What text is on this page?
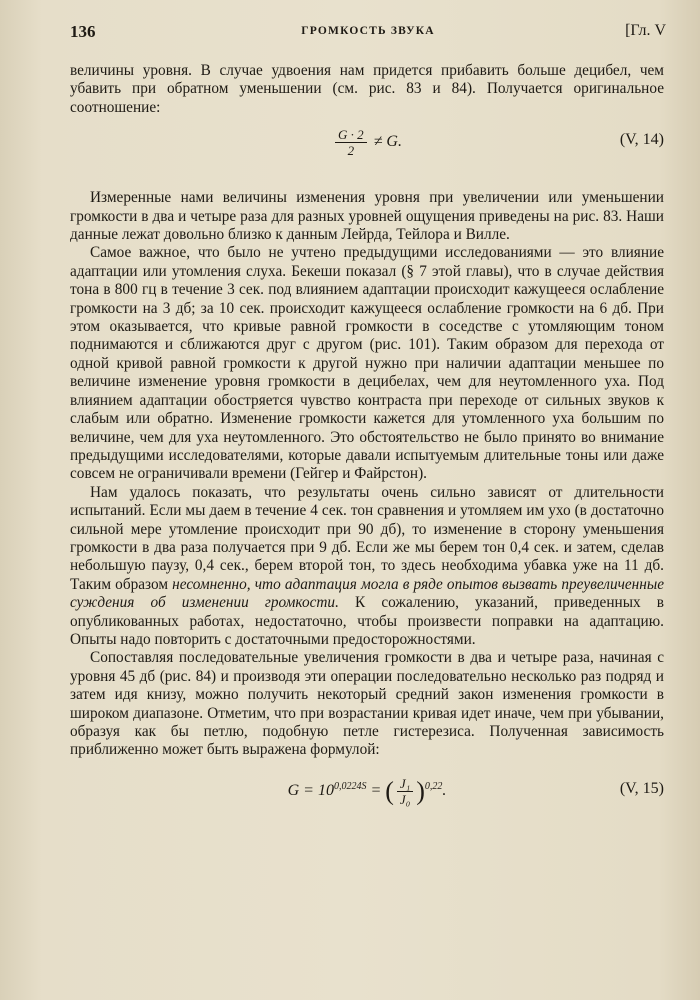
136	ГРОМКОСТЬ ЗВУКА	[Гл. V

величины уровня. В случае удвоения нам придется прибавить больше децибел, чем убавить при обратном уменьшении (см. рис. 83 и 84). Получается оригинальное соотношение:

$\frac{G \cdot 2}{2} \ne G$.	(V, 14)

Измеренные нами величины изменения уровня при увеличении или уменьшении громкости в два и четыре раза для разных уровней ощущения приведены на рис. 83. Наши данные лежат довольно близко к данным Лейрда, Тейлора и Вилле.

Самое важное, что было не учтено предыдущими исследованиями — это влияние адаптации или утомления слуха. Бекеши показал (§ 7 этой главы), что в случае действия тона в 800 гц в течение 3 сек. под влиянием адаптации происходит кажущееся ослабление громкости на 3 дб; за 10 сек. происходит кажущееся ослабление громкости на 6 дб. При этом оказывается, что кривые равной громкости в соседстве с утомляющим тоном поднимаются и сближаются друг с другом (рис. 101). Таким образом для перехода от одной кривой равной громкости к другой нужно при наличии адаптации меньшее по величине изменение уровня громкости в децибелах, чем для неутомленного уха. Под влиянием адаптации обостряется чувство контраста при переходе от сильных звуков к слабым или обратно. Изменение громкости кажется для утомленного уха большим по величине, чем для уха неутомленного. Это обстоятельство не было принято во внимание предыдущими исследователями, которые давали испытуемым длительные тоны или даже совсем не ограничивали времени (Гейгер и Файрстон).

Нам удалось показать, что результаты очень сильно зависят от длительности испытаний. Если мы даем в течение 4 сек. тон сравнения и утомляем им ухо (в достаточно сильной мере утомление происходит при 90 дб), то изменение в сторону уменьшения громкости в два раза получается при 9 дб. Если же мы берем тон 0,4 сек. и затем, сделав небольшую паузу, 0,4 сек., берем второй тон, то здесь необходима убавка уже на 11 дб. Таким образом несомненно, что адаптация могла в ряде опытов вызвать преувеличенные суждения об изменении громкости. К сожалению, указаний, приведенных в опубликованных работах, недостаточно, чтобы произвести поправки на адаптацию. Опыты надо повторить с достаточными предосторожностями.

Сопоставляя последовательные увеличения громкости в два и четыре раза, начиная с уровня 45 дб (рис. 84) и производя эти операции последовательно несколько раз подряд и затем идя книзу, можно получить некоторый средний закон изменения громкости в широком диапазоне. Отметим, что при возрастании кривая идет иначе, чем при убывании, образуя как бы петлю, подобную петле гистерезиса. Полученная зависимость приближенно может быть выражена формулой:

$G = 10^{0,0224S}$ = ( $\frac{\text{J₁}}{\text{J₀}} )^{0,22}$.	(V, 15)
